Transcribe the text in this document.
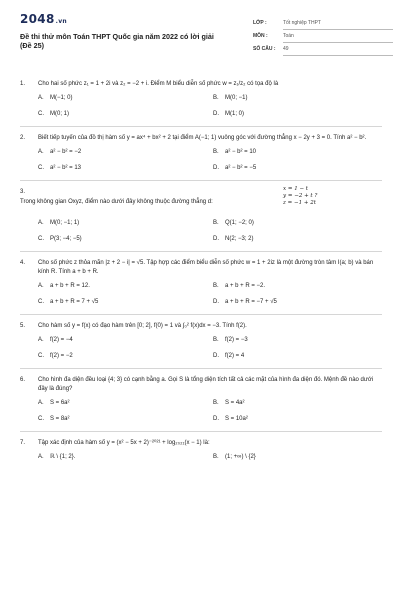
2048.vn
Đề thi thử môn Toán THPT Quốc gia năm 2022 có lời giải
(Đề 25)
LỚP :	Tốt nghiệp THPT
MÔN :	Toán
SỐ CÂU :	49
1. Cho hai số phức z₁ = 1 + 2i và z₂ = −2 + i. Điểm M biểu diễn số phức w = z₁/z₂ có tọa độ là
A. M(−1; 0)	B. M(0; −1)
C. M(0; 1)	D. M(1; 0)
2. Biết tiếp tuyến của đồ thị hàm số y = ax⁴ + bx² + 2 tại điểm A(−1; 1) vuông góc với đường thẳng x − 2y + 3 = 0. Tính a² − b².
A. a² − b² = −2	B. a² − b² = 10
C. a² − b² = 13	D. a² − b² = −5
3.	x = 1 − t
y = −2 + t ?
z = −1 + 2t
Trong không gian Oxyz, điểm nào dưới đây không thuộc đường thẳng d:
A. M(0; −1; 1)	B. Q(1; −2; 0)
C. P(3; −4; −5)	D. N(2; −3; 2)
4. Cho số phức z thỏa mãn |z + 2 − i| = √5. Tập hợp các điểm biểu diễn số phức w = 1 + 2iz là một đường tròn tâm I(a; b) và bán kính R. Tính a + b + R.
A. a + b + R = 12.	B. a + b + R = −2.
C. a + b + R = 7 + √5	D. a + b + R = −7 + √5
5. Cho hàm số y = f(x) có đạo hàm trên [0; 2], f(0) = 1 và ∫₀² f(x)dx = −3. Tính f(2).
A. f(2) = −4	B. f(2) = −3
C. f(2) = −2	D. f(2) = 4
6. Cho hình đa diện đều loại {4; 3} có cạnh bằng a. Gọi S là tổng diện tích tất cả các mặt của hình đa diện đó. Mệnh đề nào dưới đây là đúng?
A. S = 6a²	B. S = 4a²
C. S = 8a²	D. S = 10a²
7. Tập xác định của hàm số y = (x² − 5x + 2)⁻²⁰²¹ + log₂₀₂₁(x − 1) là:
A. ℝ \ {1; 2}.	B. (1; +∞) \ {2}
